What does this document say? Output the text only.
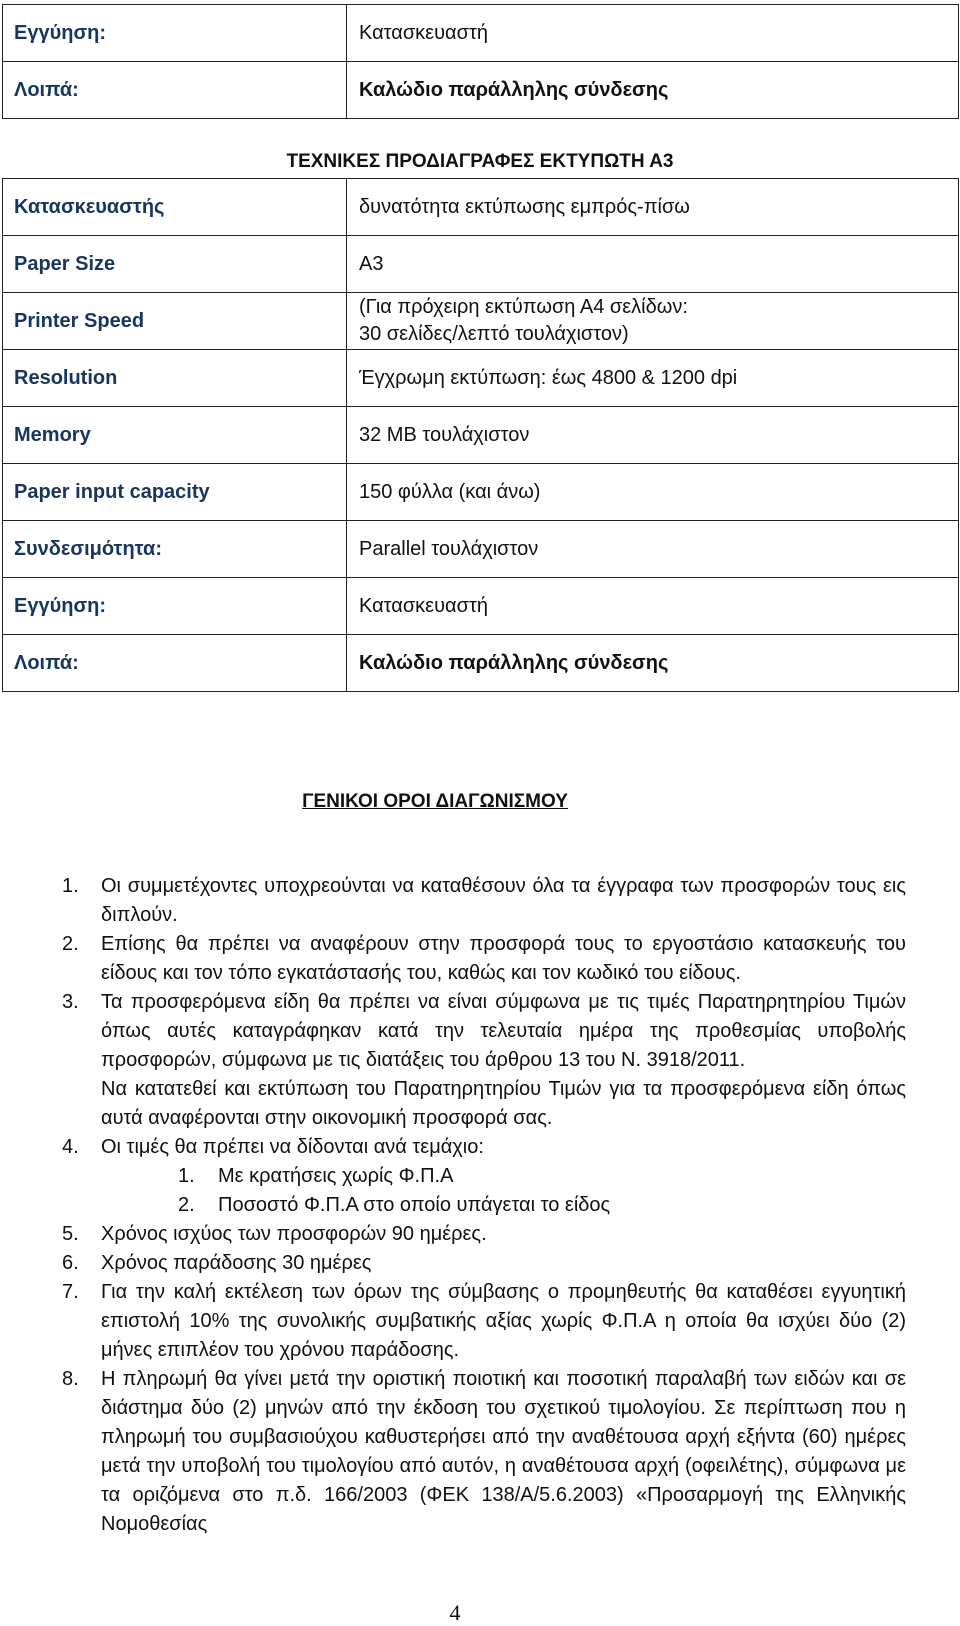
Εγγύηση:	Κατασκευαστή
Λοιπά:	Καλώδιο παράλληλης σύνδεσης
ΤΕΧΝΙΚΕΣ ΠΡΟΔΙΑΓΡΑΦΕΣ ΕΚΤΥΠΩΤΗ Α3
Κατασκευαστής	δυνατότητα εκτύπωσης εμπρός-πίσω
Paper Size	A3
Printer Speed	(Για πρόχειρη εκτύπωση Α4 σελίδων:
30 σελίδες/λεπτό τουλάχιστον)

Resolution	Έγχρωμη εκτύπωση: έως 4800 & 1200 dpi
Memory	32 MB τουλάχιστον
Paper input capacity	150 φύλλα (και άνω)
Συνδεσιμότητα:	Parallel τουλάχιστον
Εγγύηση:	Κατασκευαστή
Λοιπά:	Καλώδιο παράλληλης σύνδεσης
ΓΕΝΙΚΟΙ ΟΡΟΙ ΔΙΑΓΩΝΙΣΜΟΥ
1. Οι συμμετέχοντες υποχρεούνται να καταθέσουν όλα τα έγγραφα των προσφορών τους εις διπλούν.
2. Επίσης θα πρέπει να αναφέρουν στην προσφορά τους το εργοστάσιο κατασκευής του είδους και τον τόπο εγκατάστασής του, καθώς και τον κωδικό του είδους.
3. Τα προσφερόμενα είδη θα πρέπει να είναι σύμφωνα με τις τιμές Παρατηρητηρίου Τιμών όπως αυτές καταγράφηκαν κατά την τελευταία ημέρα της προθεσμίας υποβολής προσφορών, σύμφωνα με τις διατάξεις του άρθρου 13 του Ν. 3918/2011.
Να κατατεθεί και εκτύπωση του Παρατηρητηρίου Τιμών για τα προσφερόμενα είδη όπως αυτά αναφέρονται στην οικονομική προσφορά σας.
4. Οι τιμές θα πρέπει να δίδονται ανά τεμάχιο:
1. Με κρατήσεις χωρίς Φ.Π.Α
2. Ποσοστό Φ.Π.Α στο οποίο υπάγεται το είδος
5. Χρόνος ισχύος των προσφορών 90 ημέρες.
6. Χρόνος παράδοσης 30 ημέρες
7. Για την καλή εκτέλεση των όρων της σύμβασης ο προμηθευτής θα καταθέσει εγγυητική επιστολή 10% της συνολικής συμβατικής αξίας χωρίς Φ.Π.Α η οποία θα ισχύει δύο (2) μήνες επιπλέον του χρόνου παράδοσης.
8. Η πληρωμή θα γίνει μετά την οριστική ποιοτική και ποσοτική παραλαβή των ειδών και σε διάστημα δύο (2) μηνών από την έκδοση του σχετικού τιμολογίου. Σε περίπτωση που η πληρωμή του συμβασιούχου καθυστερήσει από την αναθέτουσα αρχή εξήντα (60) ημέρες μετά την υποβολή του τιμολογίου από αυτόν, η αναθέτουσα αρχή (οφειλέτης), σύμφωνα με τα οριζόμενα στο π.δ. 166/2003 (ΦΕΚ 138/Α/5.6.2003) «Προσαρμογή της Ελληνικής Νομοθεσίας
4
